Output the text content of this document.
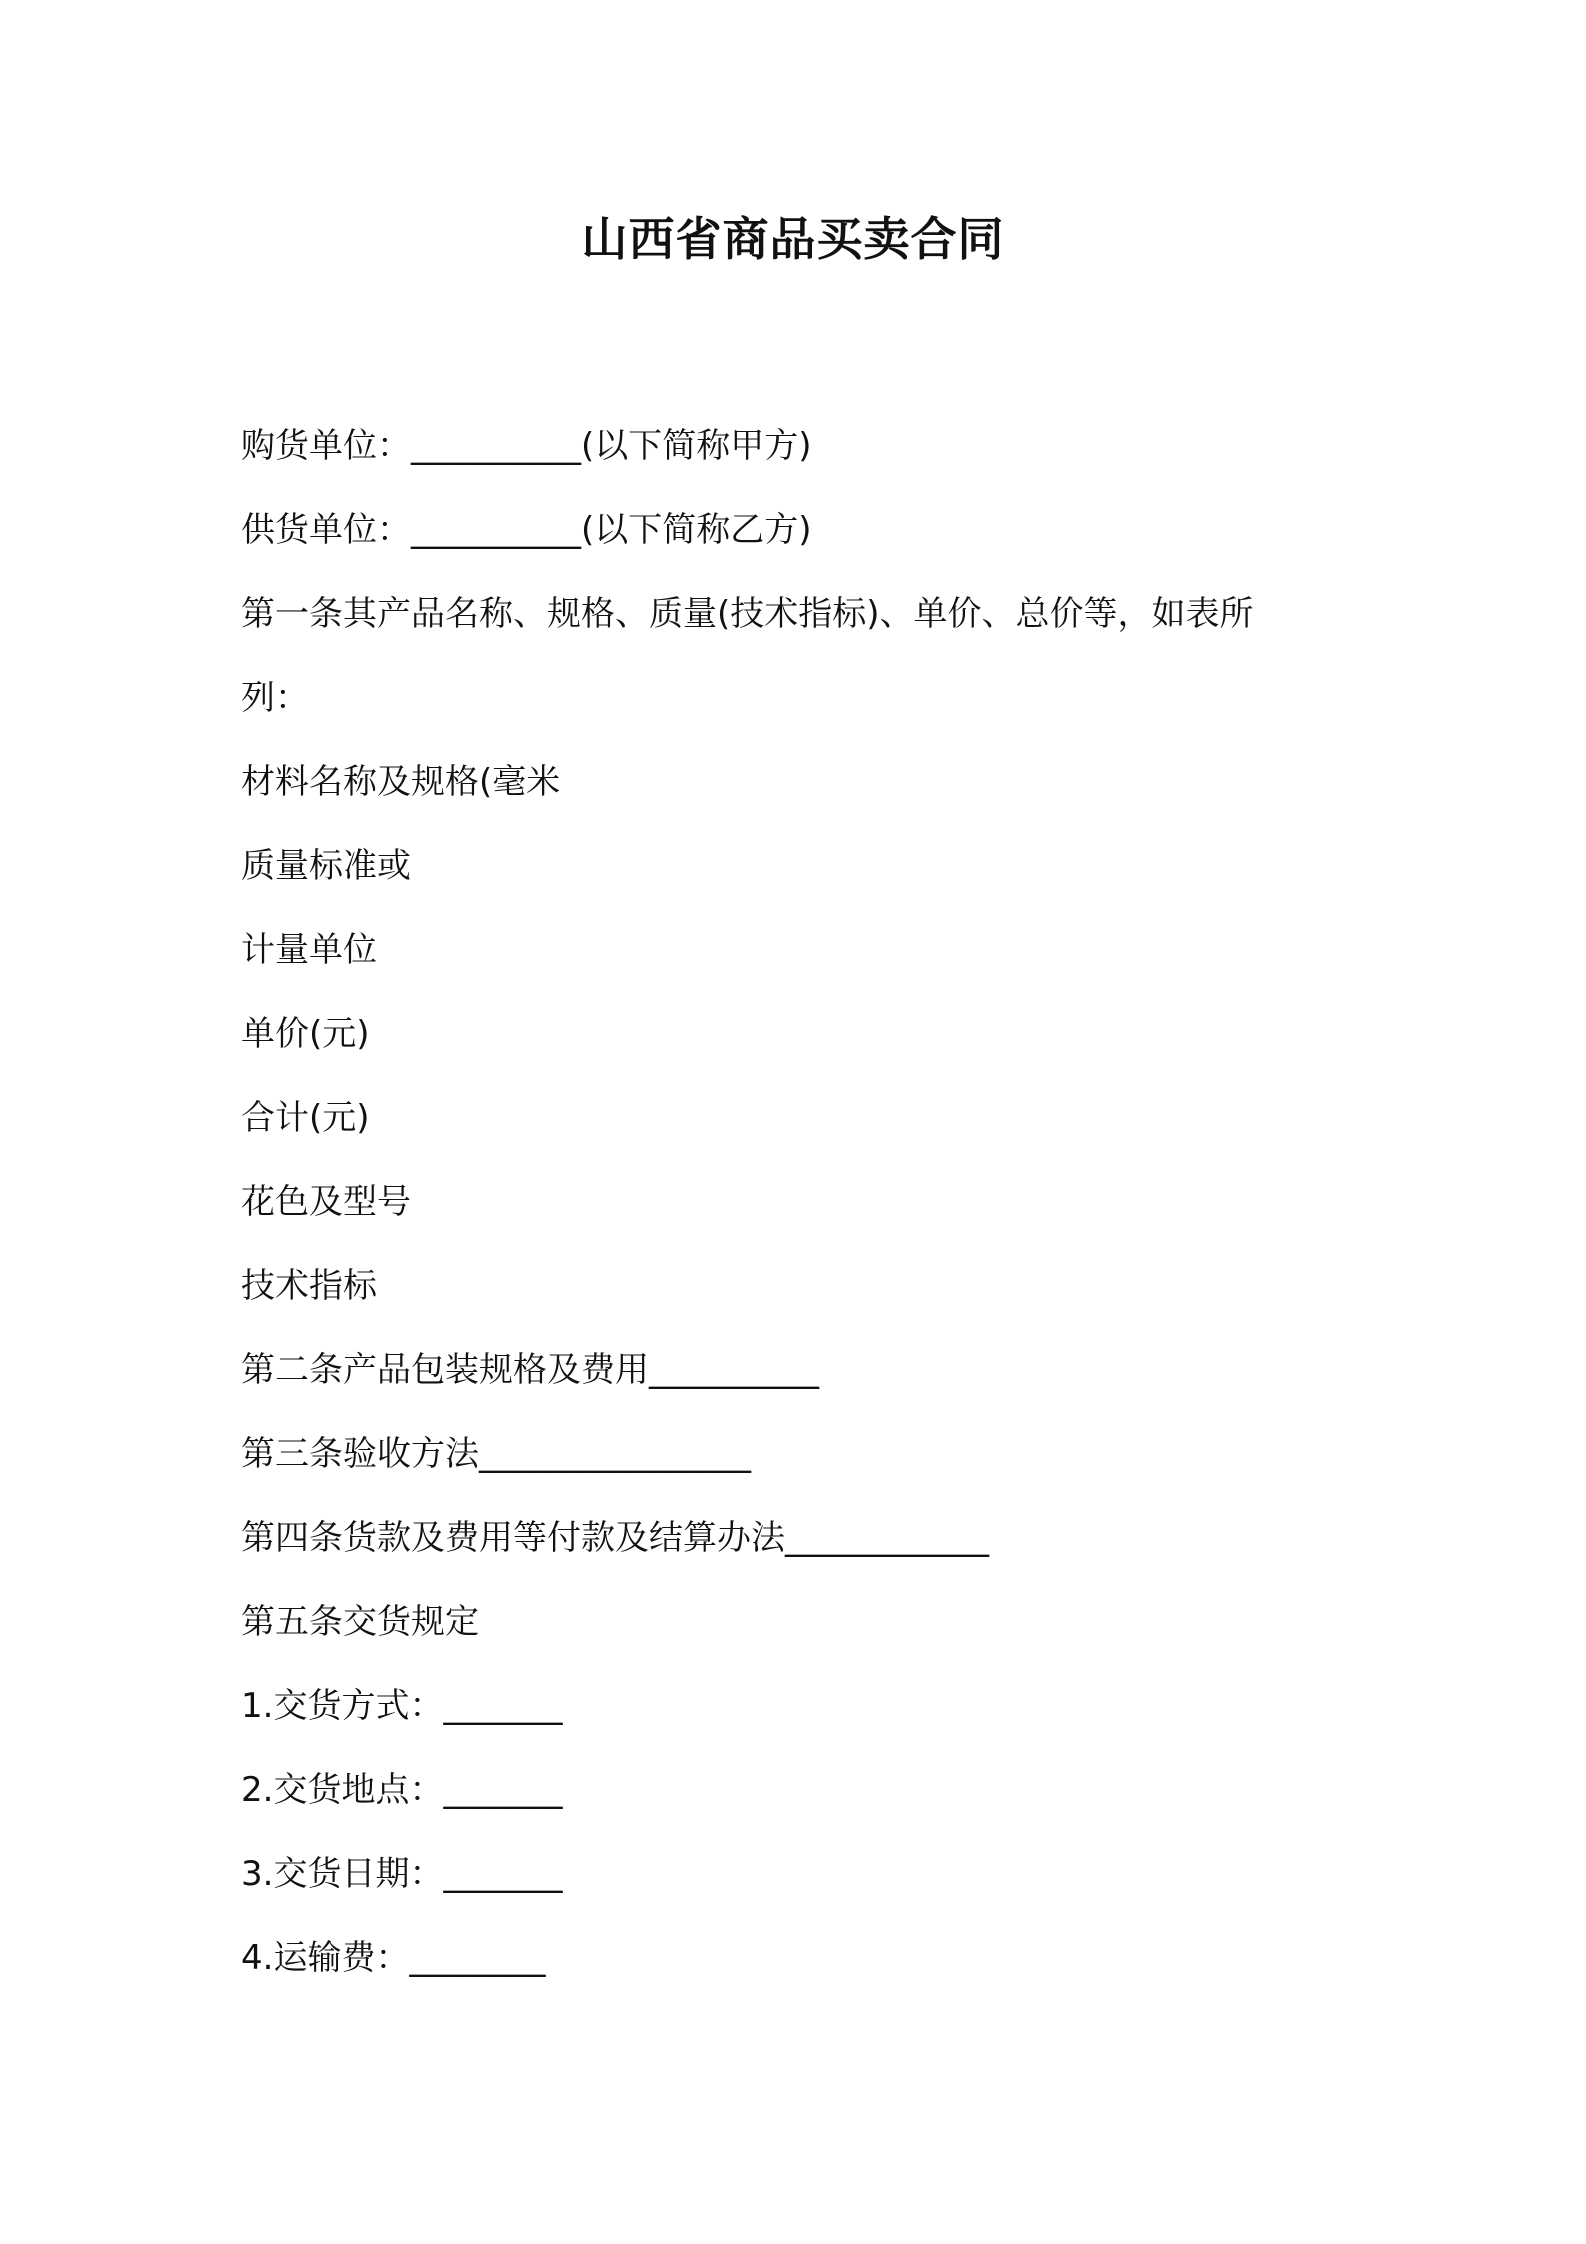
山西省商品买卖合同
购货单位：__________(以下简称甲方)
供货单位：__________(以下简称乙方)
第一条其产品名称、规格、质量(技术指标)、单价、总价等，如表所
列：
材料名称及规格(毫米
质量标准或
计量单位
单价(元)
合计(元)
花色及型号
技术指标
第二条产品包装规格及费用__________
第三条验收方法________________
第四条货款及费用等付款及结算办法____________
第五条交货规定
1.交货方式：_______
2.交货地点：_______
3.交货日期：_______
4.运输费：________
